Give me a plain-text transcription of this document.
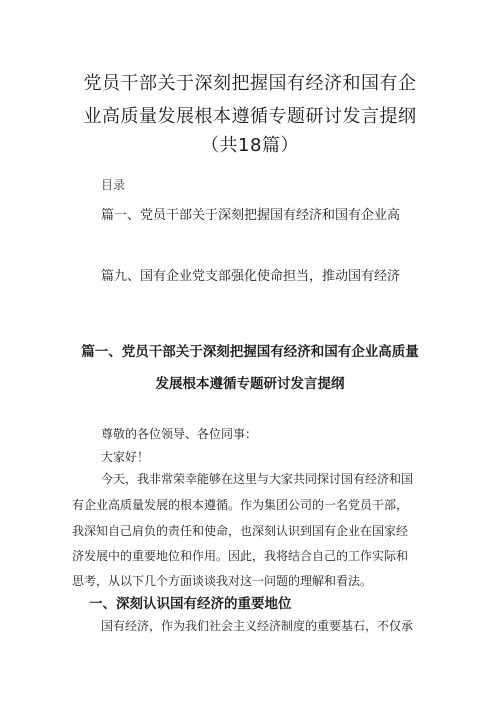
党员干部关于深刻把握国有经济和国有企
业高质量发展根本遵循专题研讨发言提纲
（共18篇）
目录
篇一、党员干部关于深刻把握国有经济和国有企业高
篇九、国有企业党支部强化使命担当，推动国有经济
篇一、党员干部关于深刻把握国有经济和国有企业高质量
发展根本遵循专题研讨发言提纲
尊敬的各位领导、各位同事：
大家好！
今天，我非常荣幸能够在这里与大家共同探讨国有经济和国
有企业高质量发展的根本遵循。作为集团公司的一名党员干部，
我深知自己肩负的责任和使命，也深刻认识到国有企业在国家经
济发展中的重要地位和作用。因此，我将结合自己的工作实际和
思考，从以下几个方面谈谈我对这一问题的理解和看法。
一、深刻认识国有经济的重要地位
国有经济，作为我们社会主义经济制度的重要基石，不仅承
